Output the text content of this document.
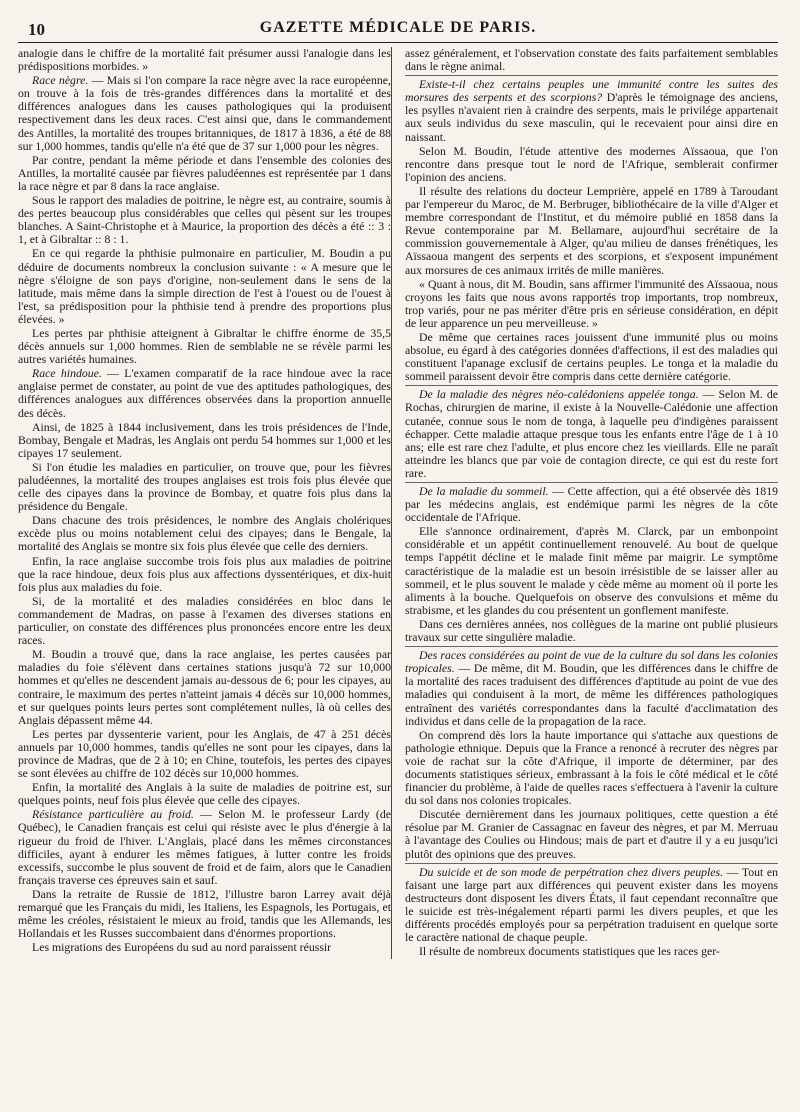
10	GAZETTE MÉDICALE DE PARIS.

analogie dans le chiffre de la mortalité fait présumer aussi l'analogie dans les prédispositions morbides. »

Race nègre. — Mais si l'on compare la race nègre avec la race européenne, on trouve à la fois de très-grandes différences dans la mortalité et des différences analogues dans les causes pathologiques qui la produisent respectivement dans les deux races. C'est ainsi que, dans le commandement des Antilles, la mortalité des troupes britanniques, de 1817 à 1836, a été de 88 sur 1,000 hommes, tandis qu'elle n'a été que de 37 sur 1,000 pour les nègres.

Par contre, pendant la même période et dans l'ensemble des colonies des Antilles, la mortalité causée par fièvres paludéennes est représentée par 1 dans la race nègre et par 8 dans la race anglaise.

Sous le rapport des maladies de poitrine, le nègre est, au contraire, soumis à des pertes beaucoup plus considérables que celles qui pèsent sur les troupes blanches. A Saint-Christophe et à Maurice, la proportion des décès a été :: 3 : 1, et à Gibraltar :: 8 : 1.

En ce qui regarde la phthisie pulmonaire en particulier, M. Boudin a pu déduire de documents nombreux la conclusion suivante : « A mesure que le nègre s'éloigne de son pays d'origine, non-seulement dans le sens de la latitude, mais même dans la simple direction de l'est à l'ouest ou de l'ouest à l'est, sa prédisposition pour la phthisie tend à prendre des proportions plus élevées. »

Les pertes par phthisie atteignent à Gibraltar le chiffre énorme de 35,5 décès annuels sur 1,000 hommes. Rien de semblable ne se révèle parmi les autres variétés humaines.

Race hindoue. — L'examen comparatif de la race hindoue avec la race anglaise permet de constater, au point de vue des aptitudes pathologiques, des différences analogues aux différences observées dans la proportion annuelle des décès.

Ainsi, de 1825 à 1844 inclusivement, dans les trois présidences de l'Inde, Bombay, Bengale et Madras, les Anglais ont perdu 54 hommes sur 1,000 et les cipayes 17 seulement.

Si l'on étudie les maladies en particulier, on trouve que, pour les fièvres paludéennes, la mortalité des troupes anglaises est trois fois plus élevée que celle des cipayes dans la province de Bombay, et quatre fois plus dans la présidence du Bengale.

Dans chacune des trois présidences, le nombre des Anglais cholériques excède plus ou moins notablement celui des cipayes; dans le Bengale, la mortalité des Anglais se montre six fois plus élevée que celle des derniers.

Enfin, la race anglaise succombe trois fois plus aux maladies de poitrine que la race hindoue, deux fois plus aux affections dyssentériques, et dix-huit fois plus aux maladies du foie.

Si, de la mortalité et des maladies considérées en bloc dans le commandement de Madras, on passe à l'examen des diverses stations en particulier, on constate des différences plus prononcées encore entre les deux races.

M. Boudin a trouvé que, dans la race anglaise, les pertes causées par maladies du foie s'élèvent dans certaines stations jusqu'à 72 sur 10,000 hommes et qu'elles ne descendent jamais au-dessous de 6; pour les cipayes, au contraire, le maximum des pertes n'atteint jamais 4 décès sur 10,000 hommes, et sur quelques points leurs pertes sont complétement nulles, là où celles des Anglais dépassent même 44.

Les pertes par dyssenterie varient, pour les Anglais, de 47 à 251 décès annuels par 10,000 hommes, tandis qu'elles ne sont pour les cipayes, dans la province de Madras, que de 2 à 10; en Chine, toutefois, les pertes des cipayes se sont élevées au chiffre de 102 décès sur 10,000 hommes.

Enfin, la mortalité des Anglais à la suite de maladies de poitrine est, sur quelques points, neuf fois plus élevée que celle des cipayes.

Résistance particulière au froid. — Selon M. le professeur Lardy (de Québec), le Canadien français est celui qui résiste avec le plus d'énergie à la rigueur du froid de l'hiver. L'Anglais, placé dans les mêmes circonstances difficiles, ayant à endurer les mêmes fatigues, à lutter contre les froids excessifs, succombe le plus souvent de froid et de faim, alors que le Canadien français traverse ces épreuves sain et sauf.

Dans la retraite de Russie de 1812, l'illustre baron Larrey avait déjà remarqué que les Français du midi, les Italiens, les Espagnols, les Portugais, et même les créoles, résistaient le mieux au froid, tandis que les Allemands, les Hollandais et les Russes succombaient dans d'énormes proportions.

Les migrations des Européens du sud au nord paraissent réussir

assez généralement, et l'observation constate des faits parfaitement semblables dans le règne animal.

Existe-t-il chez certains peuples une immunité contre les suites des morsures des serpents et des scorpions? D'après le témoignage des anciens, les psylles n'avaient rien à craindre des serpents, mais le privilége appartenait aux seuls individus du sexe masculin, qui le recevaient pour ainsi dire en naissant.

Selon M. Boudin, l'étude attentive des modernes Aïssaoua, que l'on rencontre dans presque tout le nord de l'Afrique, semblerait confirmer l'opinion des anciens.

Il résulte des relations du docteur Lemprière, appelé en 1789 à Taroudant par l'empereur du Maroc, de M. Berbruger, bibliothécaire de la ville d'Alger et membre correspondant de l'Institut, et du mémoire publié en 1858 dans la Revue contemporaine par M. Bellamare, aujourd'hui secrétaire de la commission gouvernementale à Alger, qu'au milieu de danses frénétiques, les Aïssaoua mangent des serpents et des scorpions, et s'exposent impunément aux morsures de ces animaux irrités de mille manières.

« Quant à nous, dit M. Boudin, sans affirmer l'immunité des Aïssaoua, nous croyons les faits que nous avons rapportés trop importants, trop nombreux, trop variés, pour ne pas mériter d'être pris en sérieuse considération, en dépit de leur apparence un peu merveilleuse. »

De même que certaines races jouissent d'une immunité plus ou moins absolue, eu égard à des catégories données d'affections, il est des maladies qui constituent l'apanage exclusif de certains peuples. Le tonga et la maladie du sommeil paraissent devoir être compris dans cette dernière catégorie.

De la maladie des nègres néo-calédoniens appelée tonga. — Selon M. de Rochas, chirurgien de marine, il existe à la Nouvelle-Calédonie une affection cutanée, connue sous le nom de tonga, à laquelle peu d'indigènes paraissent échapper. Cette maladie attaque presque tous les enfants entre l'âge de 1 à 10 ans; elle est rare chez l'adulte, et plus encore chez les vieillards. Elle ne paraît atteindre les blancs que par voie de contagion directe, ce qui est du reste fort rare.

De la maladie du sommeil. — Cette affection, qui a été observée dès 1819 par les médecins anglais, est endémique parmi les nègres de la côte occidentale de l'Afrique.

Elle s'annonce ordinairement, d'après M. Clarck, par un embonpoint considérable et un appétit continuellement renouvelé. Au bout de quelque temps l'appétit décline et le malade finit même par maigrir. Le symptôme caractéristique de la maladie est un besoin irrésistible de se laisser aller au sommeil, et le plus souvent le malade y cède même au moment où il porte les aliments à la bouche. Quelquefois on observe des convulsions et même du strabisme, et les glandes du cou présentent un gonflement manifeste.

Dans ces dernières années, nos collègues de la marine ont publié plusieurs travaux sur cette singulière maladie.

Des races considérées au point de vue de la culture du sol dans les colonies tropicales. — De même, dit M. Boudin, que les différences dans le chiffre de la mortalité des races traduisent des différences d'aptitude au point de vue des maladies qui conduisent à la mort, de même les différences pathologiques entraînent des variétés correspondantes dans la faculté d'acclimatation des individus et dans celle de la propagation de la race.

On comprend dès lors la haute importance qui s'attache aux questions de pathologie ethnique. Depuis que la France a renoncé à recruter des nègres par voie de rachat sur la côte d'Afrique, il importe de déterminer, par des documents statistiques sérieux, embrassant à la fois le côté médical et le côté financier du problème, à l'aide de quelles races s'effectuera à l'avenir la culture du sol dans nos colonies tropicales.

Discutée dernièrement dans les journaux politiques, cette question a été résolue par M. Granier de Cassagnac en faveur des nègres, et par M. Merruau à l'avantage des Coulies ou Hindous; mais de part et d'autre il y a eu jusqu'ici plutôt des opinions que des preuves.

Du suicide et de son mode de perpétration chez divers peuples. — Tout en faisant une large part aux différences qui peuvent exister dans les moyens destructeurs dont disposent les divers États, il faut cependant reconnaître que le suicide est très-inégalement réparti parmi les divers peuples, et que les différents procédés employés pour sa perpétration traduisent en quelque sorte le caractère national de chaque peuple.

Il résulte de nombreux documents statistiques que les races ger-
